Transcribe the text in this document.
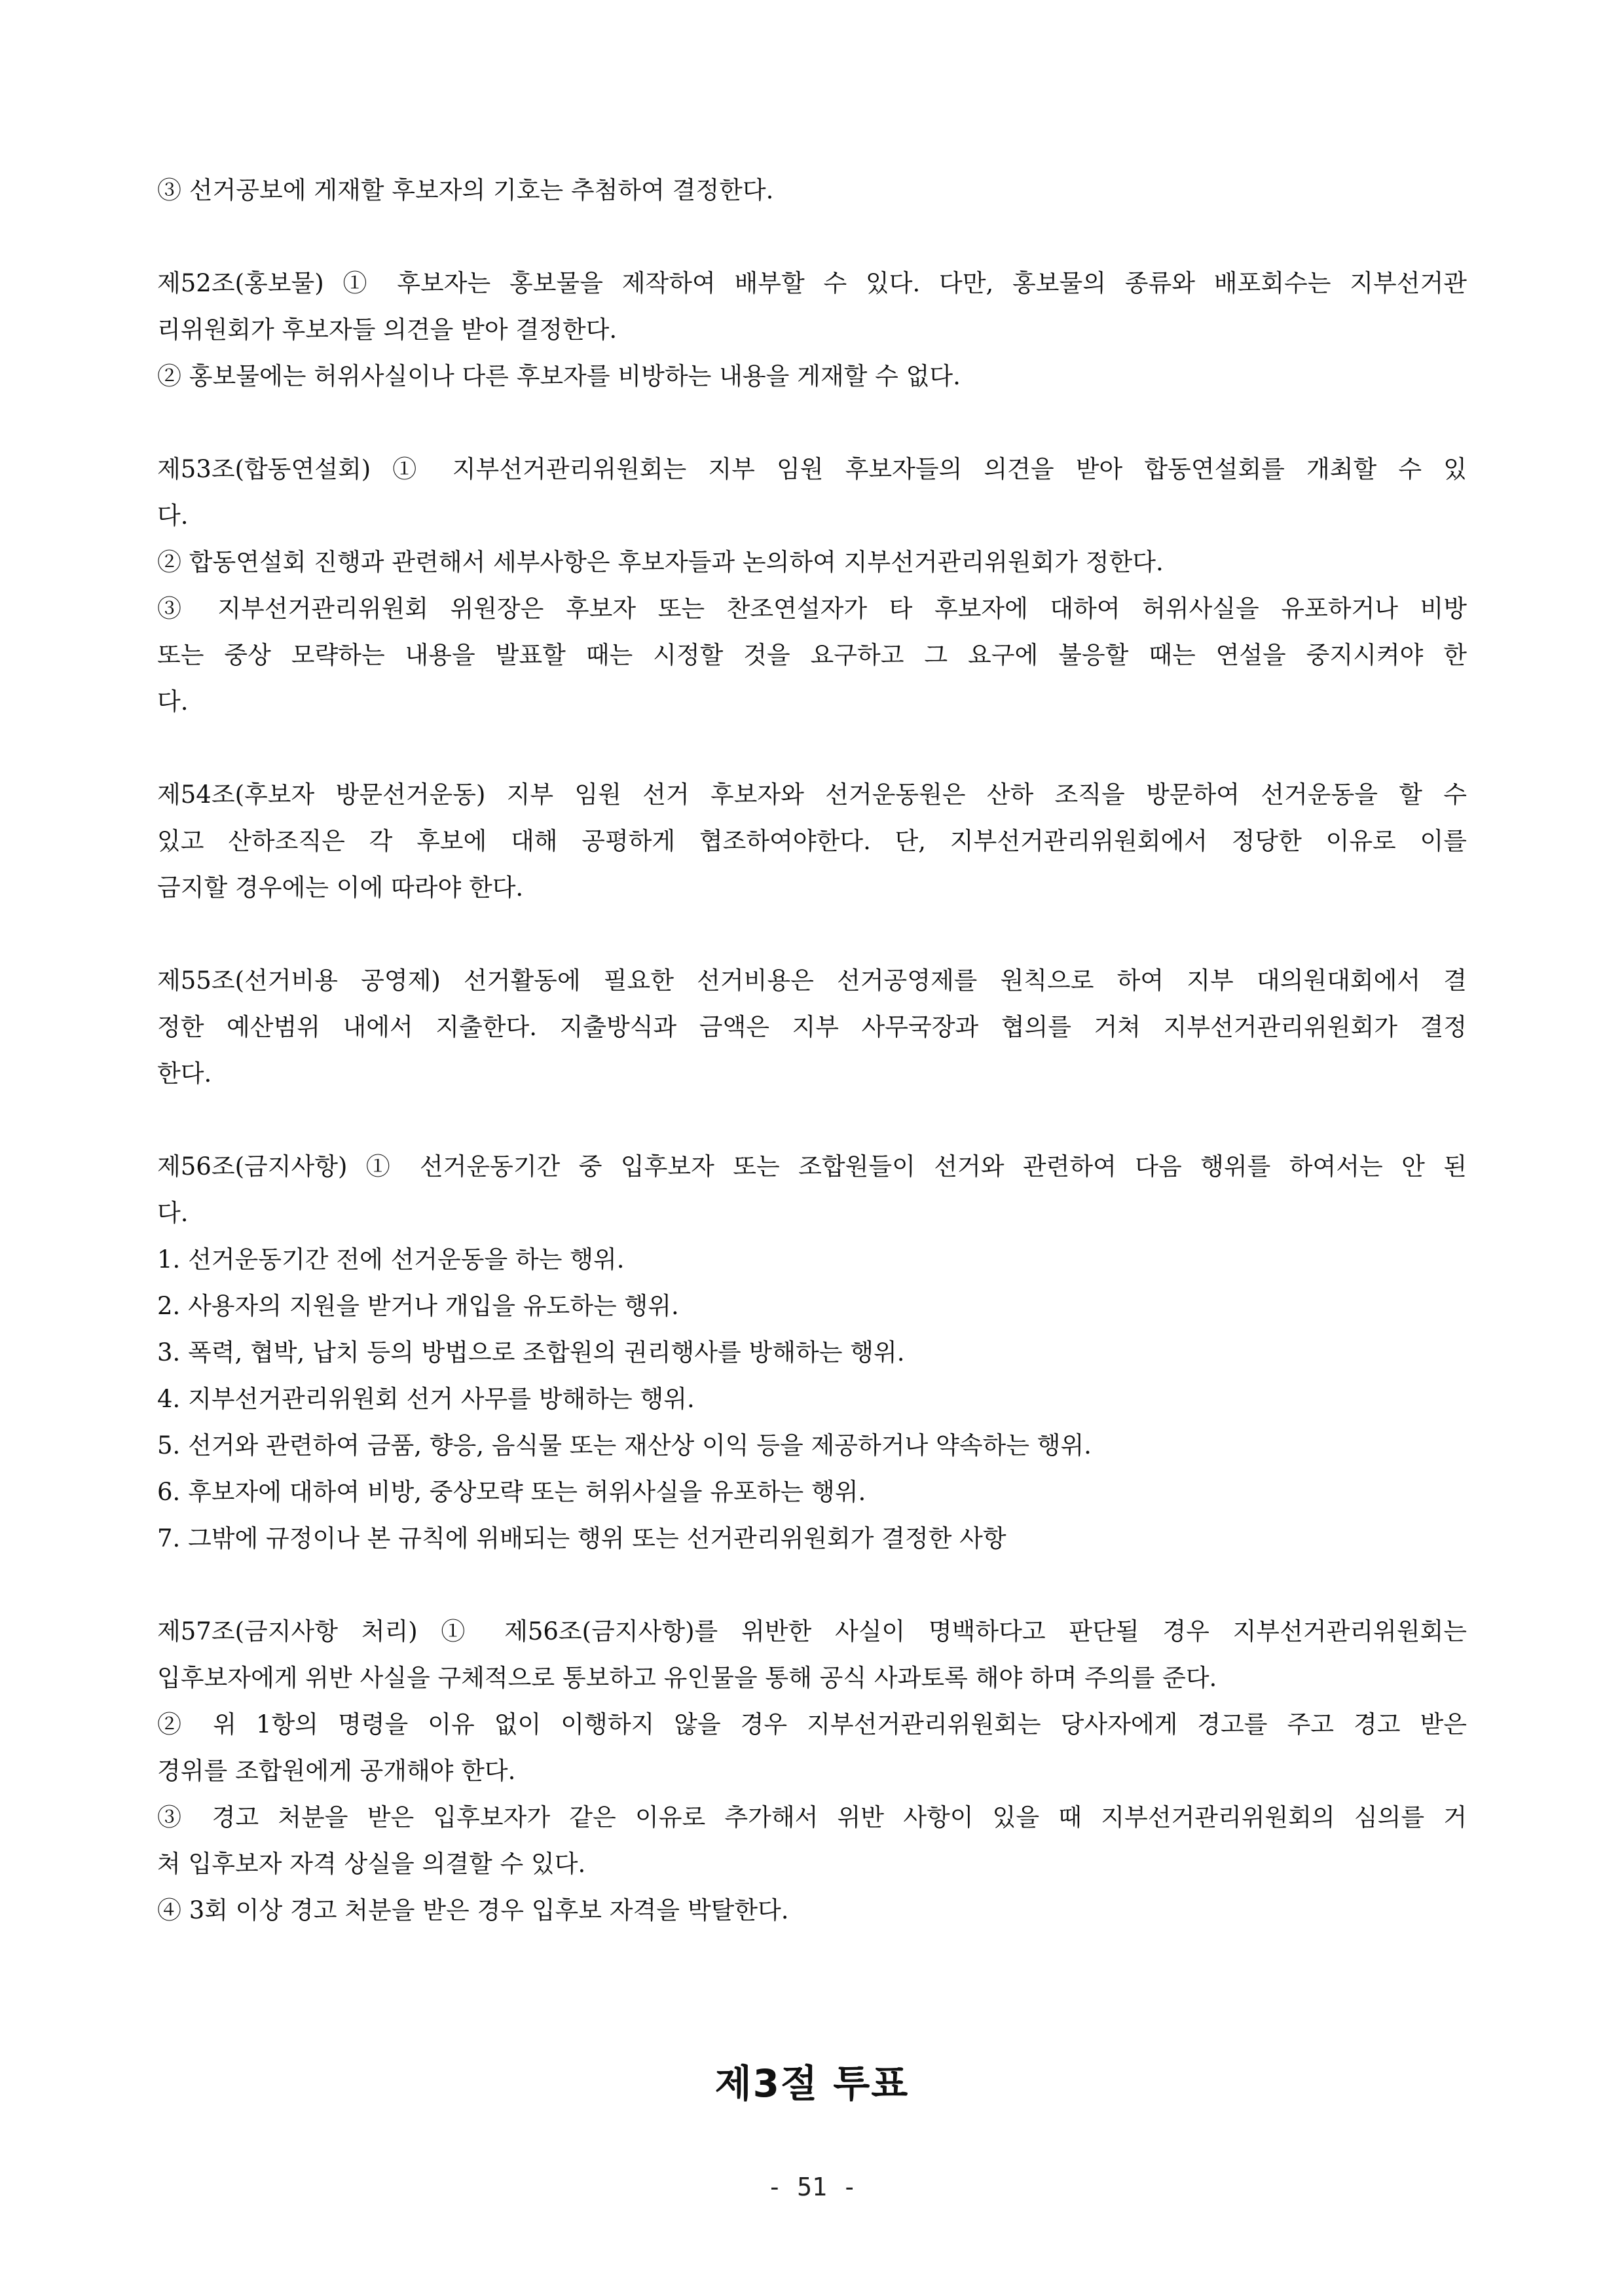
③ 선거공보에 게재할 후보자의 기호는 추첨하여 결정한다.
제52조(홍보물) ① 후보자는 홍보물을 제작하여 배부할 수 있다. 다만, 홍보물의 종류와 배포회수는 지부선거관
리위원회가 후보자들 의견을 받아 결정한다.
② 홍보물에는 허위사실이나 다른 후보자를 비방하는 내용을 게재할 수 없다.
제53조(합동연설회) ① 지부선거관리위원회는 지부 임원 후보자들의 의견을 받아 합동연설회를 개최할 수 있
다.
② 합동연설회 진행과 관련해서 세부사항은 후보자들과 논의하여 지부선거관리위원회가 정한다.
③ 지부선거관리위원회 위원장은 후보자 또는 찬조연설자가 타 후보자에 대하여 허위사실을 유포하거나 비방
또는 중상 모략하는 내용을 발표할 때는 시정할 것을 요구하고 그 요구에 불응할 때는 연설을 중지시켜야 한
다.
제54조(후보자 방문선거운동) 지부 임원 선거 후보자와 선거운동원은 산하 조직을 방문하여 선거운동을 할 수
있고 산하조직은 각 후보에 대해 공평하게 협조하여야한다. 단, 지부선거관리위원회에서 정당한 이유로 이를
금지할 경우에는 이에 따라야 한다.
제55조(선거비용 공영제) 선거활동에 필요한 선거비용은 선거공영제를 원칙으로 하여 지부 대의원대회에서 결
정한 예산범위 내에서 지출한다. 지출방식과 금액은 지부 사무국장과 협의를 거쳐 지부선거관리위원회가 결정
한다.
제56조(금지사항) ① 선거운동기간 중 입후보자 또는 조합원들이 선거와 관련하여 다음 행위를 하여서는 안 된
다.
1. 선거운동기간 전에 선거운동을 하는 행위.
2. 사용자의 지원을 받거나 개입을 유도하는 행위.
3. 폭력, 협박, 납치 등의 방법으로 조합원의 권리행사를 방해하는 행위.
4. 지부선거관리위원회 선거 사무를 방해하는 행위.
5. 선거와 관련하여 금품, 향응, 음식물 또는 재산상 이익 등을 제공하거나 약속하는 행위.
6. 후보자에 대하여 비방, 중상모략 또는 허위사실을 유포하는 행위.
7. 그밖에 규정이나 본 규칙에 위배되는 행위 또는 선거관리위원회가 결정한 사항
제57조(금지사항 처리) ① 제56조(금지사항)를 위반한 사실이 명백하다고 판단될 경우 지부선거관리위원회는
입후보자에게 위반 사실을 구체적으로 통보하고 유인물을 통해 공식 사과토록 해야 하며 주의를 준다.
② 위 1항의 명령을 이유 없이 이행하지 않을 경우 지부선거관리위원회는 당사자에게 경고를 주고 경고 받은
경위를 조합원에게 공개해야 한다.
③ 경고 처분을 받은 입후보자가 같은 이유로 추가해서 위반 사항이 있을 때 지부선거관리위원회의 심의를 거
쳐 입후보자 자격 상실을 의결할 수 있다.
④ 3회 이상 경고 처분을 받은 경우 입후보 자격을 박탈한다.
제3절 투표
- 51 -
